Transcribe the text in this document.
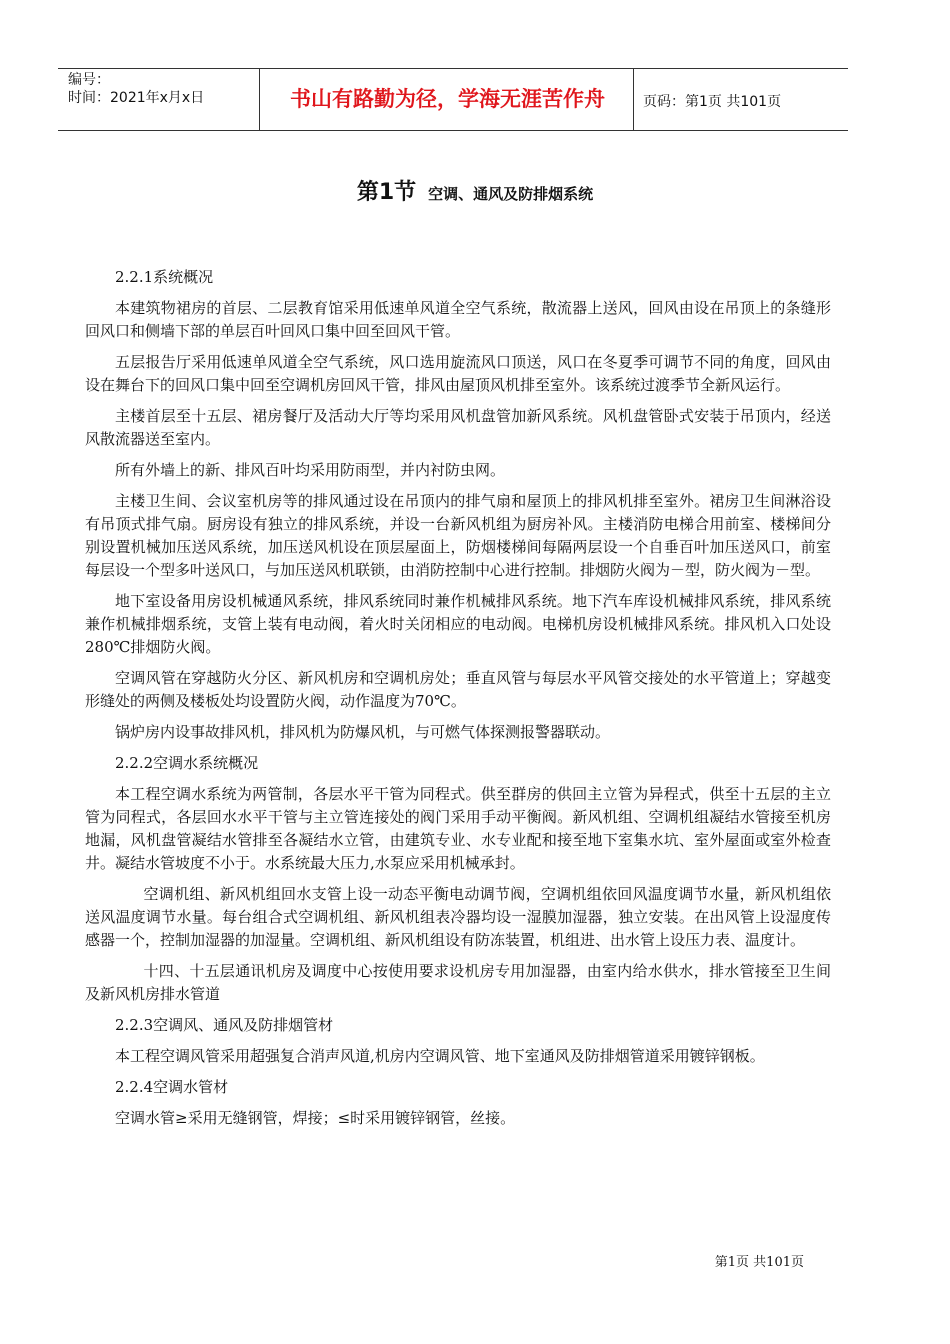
编号：
时间：2021年x月x日	书山有路勤为径，学海无涯苦作舟	页码：第1页 共101页
第1节 空调、通风及防排烟系统

2.2.1系统概况

本建筑物裙房的首层、二层教育馆采用低速单风道全空气系统，散流器上送风，回风由设在吊顶上的条缝形回风口和侧墙下部的单层百叶回风口集中回至回风干管。

五层报告厅采用低速单风道全空气系统，风口选用旋流风口顶送，风口在冬夏季可调节不同的角度，回风由设在舞台下的回风口集中回至空调机房回风干管，排风由屋顶风机排至室外。该系统过渡季节全新风运行。

主楼首层至十五层、裙房餐厅及活动大厅等均采用风机盘管加新风系统。风机盘管卧式安装于吊顶内，经送风散流器送至室内。

所有外墙上的新、排风百叶均采用防雨型，并内衬防虫网。

主楼卫生间、会议室机房等的排风通过设在吊顶内的排气扇和屋顶上的排风机排至室外。裙房卫生间淋浴设有吊顶式排气扇。厨房设有独立的排风系统，并设一台新风机组为厨房补风。主楼消防电梯合用前室、楼梯间分别设置机械加压送风系统，加压送风机设在顶层屋面上，防烟楼梯间每隔两层设一个自垂百叶加压送风口，前室每层设一个型多叶送风口，与加压送风机联锁，由消防控制中心进行控制。排烟防火阀为－型，防火阀为－型。

地下室设备用房设机械通风系统，排风系统同时兼作机械排风系统。地下汽车库设机械排风系统，排风系统兼作机械排烟系统，支管上装有电动阀，着火时关闭相应的电动阀。电梯机房设机械排风系统。排风机入口处设280℃排烟防火阀。

空调风管在穿越防火分区、新风机房和空调机房处；垂直风管与每层水平风管交接处的水平管道上；穿越变形缝处的两侧及楼板处均设置防火阀，动作温度为70℃。

锅炉房内设事故排风机，排风机为防爆风机，与可燃气体探测报警器联动。

2.2.2空调水系统概况

本工程空调水系统为两管制，各层水平干管为同程式。供至群房的供回主立管为异程式，供至十五层的主立管为同程式，各层回水水平干管与主立管连接处的阀门采用手动平衡阀。新风机组、空调机组凝结水管接至机房地漏，风机盘管凝结水管排至各凝结水立管，由建筑专业、水专业配和接至地下室集水坑、室外屋面或室外检查井。凝结水管坡度不小于。水系统最大压力,水泵应采用机械承封。

空调机组、新风机组回水支管上设一动态平衡电动调节阀，空调机组依回风温度调节水量，新风机组依送风温度调节水量。每台组合式空调机组、新风机组表冷器均设一湿膜加湿器，独立安装。在出风管上设湿度传感器一个，控制加湿器的加湿量。空调机组、新风机组设有防冻装置，机组进、出水管上设压力表、温度计。

十四、十五层通讯机房及调度中心按使用要求设机房专用加湿器，由室内给水供水，排水管接至卫生间及新风机房排水管道

2.2.3空调风、通风及防排烟管材

本工程空调风管采用超强复合消声风道,机房内空调风管、地下室通风及防排烟管道采用镀锌钢板。

2.2.4空调水管材

空调水管≥采用无缝钢管，焊接；≤时采用镀锌钢管，丝接。

第1页 共101页
